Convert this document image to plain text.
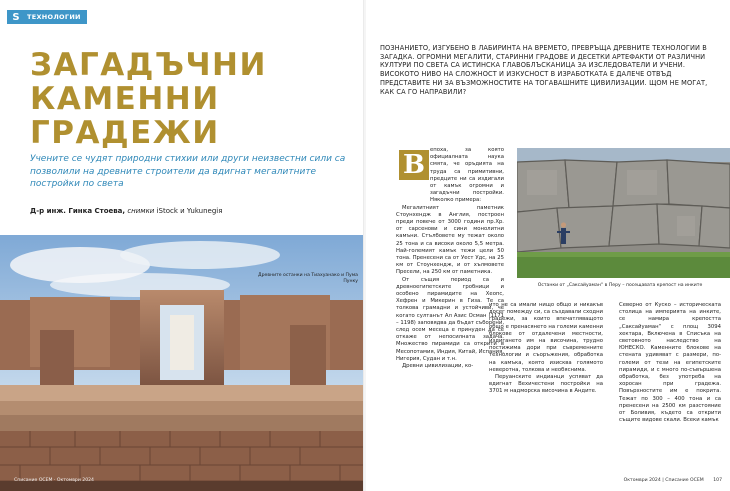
S	ТЕХНОЛОГИИ
ЗАГАДЪЧНИ
КАМЕННИ
ГРАДЕЖИ
Учените се чудят природни стихии или други неизвестни сили са позволили на древните строители да вдигнат мегалитните постройки по света
Д-р инж. Гинка Стоева, снимки iStock и Yukunegiя
Древните останки на Тиахуанако и Пума Пунку
Списание ОСЕМ · Октомври 2024
ПОЗНАНИЕТО, ИЗГУБЕНО В ЛАБИРИНТА НА ВРЕМЕТО, ПРЕВРЪЩА ДРЕВНИТЕ ТЕХНОЛОГИИ В ЗАГАДКА. ОГРОМНИ МЕГАЛИТИ, СТАРИННИ ГРАДОВЕ И ДЕСЕТКИ АРТЕФАКТИ ОТ РАЗЛИЧНИ КУЛТУРИ ПО СВЕТА СА ИСТИНСКА ГЛАВОБЛЪСКАНИЦА ЗА ИЗСЛЕДОВАТЕЛИ И УЧЕНИ. ВИСОКОТО НИВО НА СЛОЖНОСТ И ИЗКУСНОСТ В ИЗРАБОТКАТА Е ДАЛЕЧЕ ОТВЪД ПРЕДСТАВИТЕ НИ ЗА ВЪЗМОЖНОСТИТЕ НА ТОГАВАШНИТЕ ЦИВИЛИЗАЦИИ. ЩОМ НЕ МОГАТ, КАК СА ГО НАПРАВИЛИ?
В епоха, за която официалната наука смята, че оръдията на труда са примитивни, предците ни са издигали от камък огромни и загадъчни постройки. Няколко примера:

Мегалитният паметник Стоунхендж в Англия, построен преди повече от 3000 години пр.Хр. от сарсенови и сини монолитни камъни. Стълбовете му тежат около 25 тона и са високи около 5,5 метра. Най-големият камък тежи цели 50 тона. Пренесени са от Уест Удс, на 25 км от Стоунхендж, и от хълмовете Пресели, на 250 км от паметника.

От същия период са и древноегипетските гробници и особено пирамидите на Хеопс, Хефрен и Микерин в Гиза. Те са толкова грамадни и устойчиви, че когато султанът Ал Азис Осман (1171 – 1198) заповядва да бъдат съборени, след осем месеца е принуден да се откаже от непосилната задача. Множество пирамиди са открити в Месопотамия, Индия, Китай, Испания, Нигерия, Судан и т.н.

Древни цивилизации, ко-

Останки от „Саксайуаман“ в Перу – посещавата крепост на инките

ито не са имали нищо общо и никакъв досег помежду си, са създавали сходни градежи, за които впечатляващото общо е пренасянето на големи каменни блокове от отдалечени местности, издигането им на височина, трудно постижима дори при съвременните технологии и съоръжения, обработка на камъка, която изисква голямото неверотна, толкова и необяснима.

Перуанските индианци успяват да вдигнат Вехичестени постройки на 3701 м надморска височина в Андите.

Северно от Куско – историческата столица на империята на инките, се намира крепостта „Саксайуаман“ с площ 3094 хектара, Включена в Списъка на световното наследство на ЮНЕСКО. Каменните блокове на стената удивяват с размери, по-големи от тези на египетските пирамиди, и с много по-съвършена обработка, без употреба на хоросан при градежа. Повърхностите им е покрита. Тежат по 300 – 400 тона и са пренесени на 2500 км разстояние от Боливия, където са открити същите видове скали. Всеки камък

Октомври 2024 | Списание ОСЕМ 107
